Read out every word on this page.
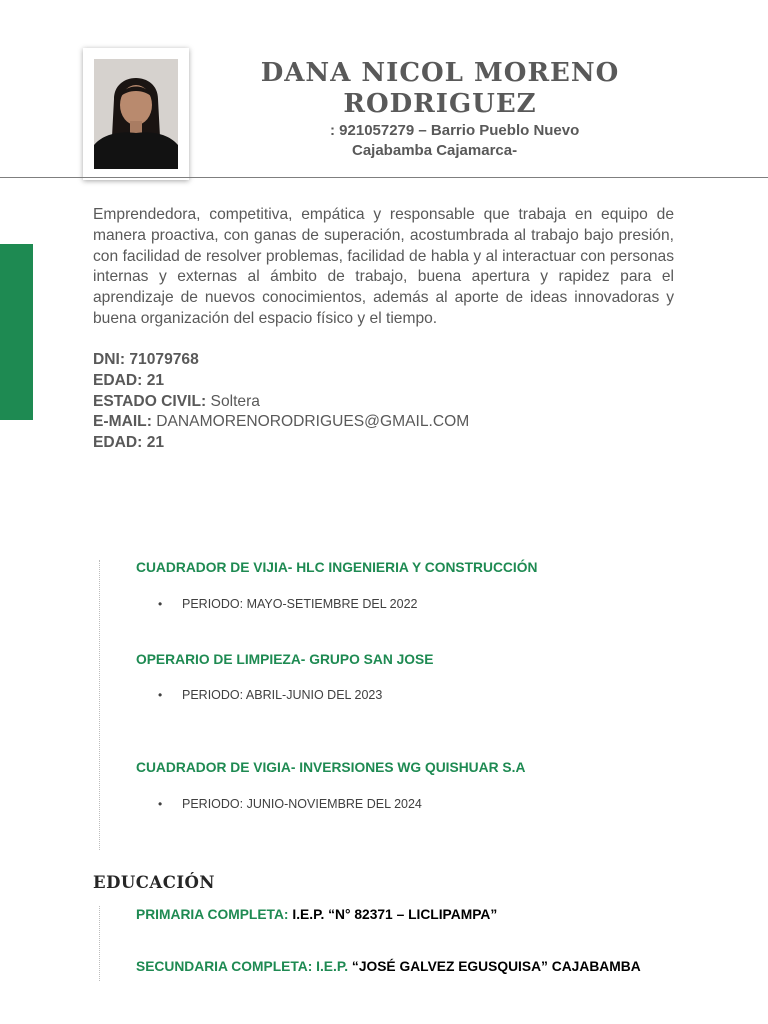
DANA NICOL MORENO RODRIGUEZ
: 921057279 – Barrio Pueblo Nuevo
Cajabamba Cajamarca-
Emprendedora, competitiva, empática y responsable que trabaja en equipo de manera proactiva, con ganas de superación, acostumbrada al trabajo bajo presión, con facilidad de resolver problemas, facilidad de habla y al interactuar con personas internas y externas al ámbito de trabajo, buena apertura y rapidez para el aprendizaje de nuevos conocimientos, además al aporte de ideas innovadoras y buena organización del espacio físico y el tiempo.
DNI: 71079768
EDAD: 21
ESTADO CIVIL: Soltera
E-MAIL: DANAMORENORODRIGUES@GMAIL.COM
EDAD: 21
CUADRADOR DE VIJIA- HLC INGENIERIA Y CONSTRUCCIÓN
• PERIODO: MAYO-SETIEMBRE DEL 2022
OPERARIO DE LIMPIEZA- GRUPO SAN JOSE
• PERIODO: ABRIL-JUNIO DEL 2023
CUADRADOR DE VIGIA- INVERSIONES WG QUISHUAR S.A
• PERIODO: JUNIO-NOVIEMBRE DEL 2024
EDUCACIÓN
PRIMARIA COMPLETA: I.E.P. “N° 82371 – LICLIPAMPA”
SECUNDARIA COMPLETA: I.E.P. “JOSÉ GALVEZ EGUSQUISA” CAJABAMBA
